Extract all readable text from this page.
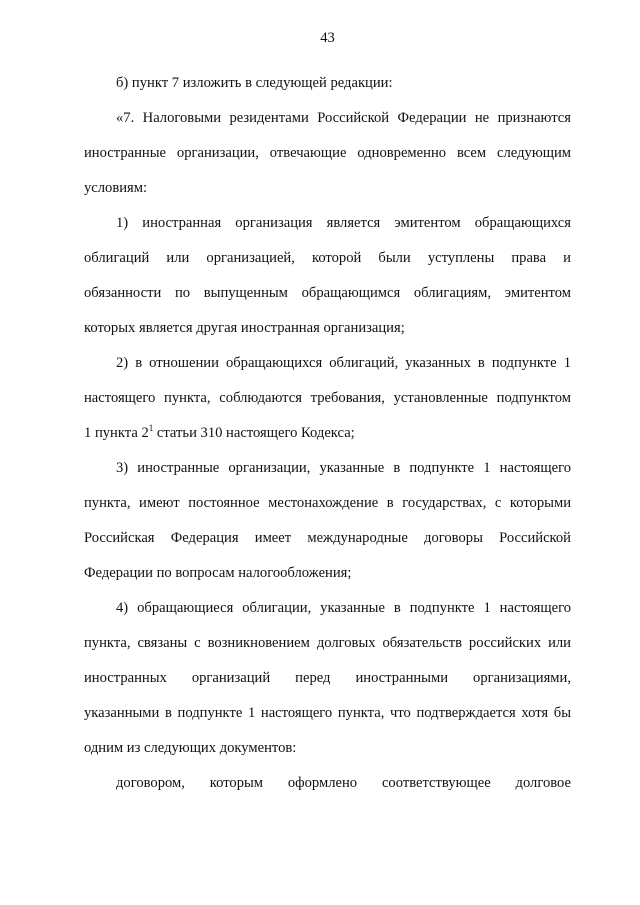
43
б) пункт 7 изложить в следующей редакции:
«7. Налоговыми резидентами Российской Федерации не признаются
иностранные организации, отвечающие одновременно всем следующим
условиям:
1) иностранная организация является эмитентом обращающихся
облигаций или организацией, которой были уступлены права и
обязанности по выпущенным обращающимся облигациям, эмитентом
которых является другая иностранная организация;
2) в отношении обращающихся облигаций, указанных в подпункте 1
настоящего пункта, соблюдаются требования, установленные подпунктом
1 пункта $2^1$ статьи 310 настоящего Кодекса;
3) иностранные организации, указанные в подпункте 1 настоящего
пункта, имеют постоянное местонахождение в государствах, с которыми
Российская Федерация имеет международные договоры Российской
Федерации по вопросам налогообложения;
4) обращающиеся облигации, указанные в подпункте 1 настоящего
пункта, связаны с возникновением долговых обязательств российских или
иностранных организаций перед иностранными организациями,
указанными в подпункте 1 настоящего пункта, что подтверждается хотя бы
одним из следующих документов:
договором, которым оформлено соответствующее долговое
